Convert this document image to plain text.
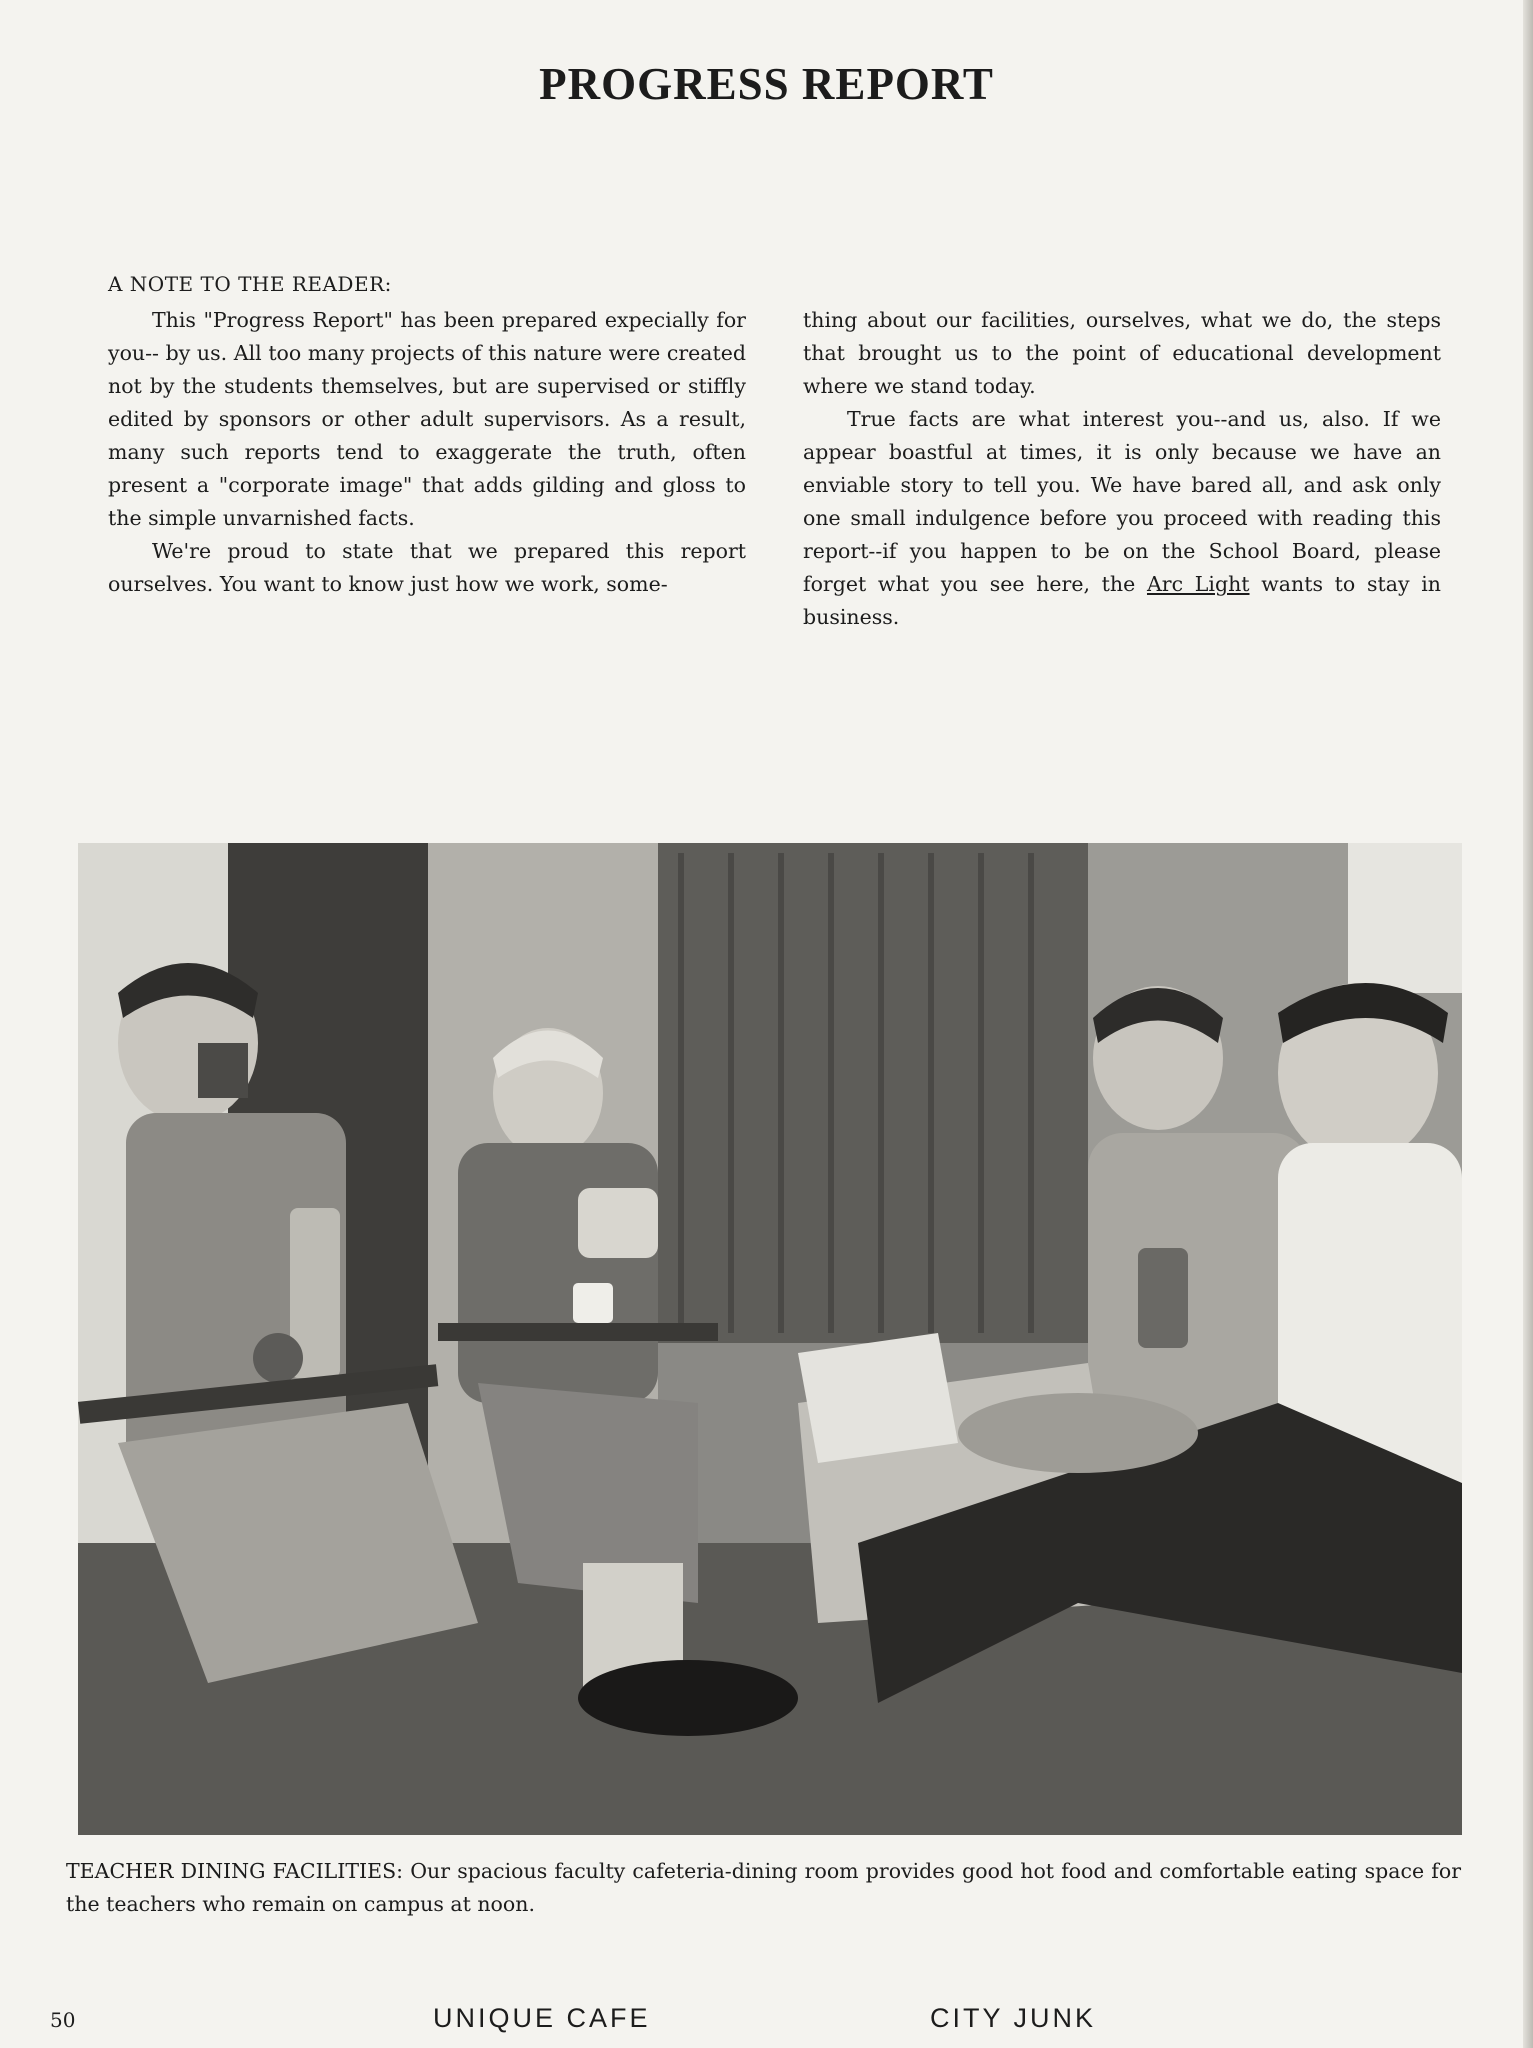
PROGRESS REPORT
A NOTE TO THE READER:

This "Progress Report" has been prepared expecially for you-- by us. All too many projects of this nature were created not by the students themselves, but are supervised or stiffly edited by sponsors or other adult supervisors. As a result, many such reports tend to exaggerate the truth, often present a "corporate image" that adds gilding and gloss to the simple unvarnished facts.

We're proud to state that we prepared this report ourselves. You want to know just how we work, some-

thing about our facilities, ourselves, what we do, the steps that brought us to the point of educational development where we stand today.

True facts are what interest you--and us, also. If we appear boastful at times, it is only because we have an enviable story to tell you. We have bared all, and ask only one small indulgence before you proceed with reading this report--if you happen to be on the School Board, please forget what you see here, the Arc Light wants to stay in business.

TEACHER DINING FACILITIES: Our spacious faculty cafeteria-dining room provides good hot food and comfortable eating space for the teachers who remain on campus at noon.
50	UNIQUE CAFE	CITY JUNK
